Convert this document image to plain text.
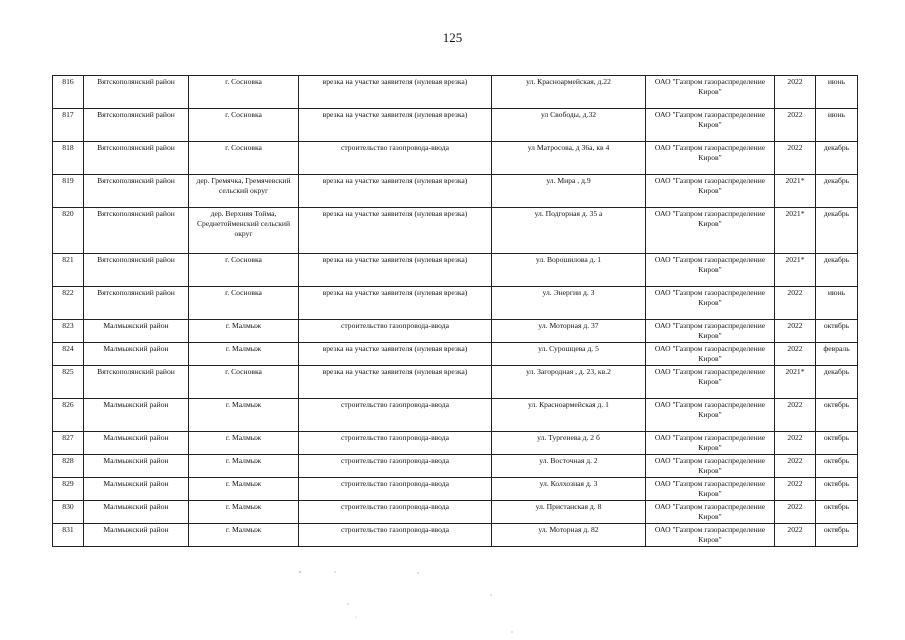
125
816	Вятскополянский район	г. Сосновка	врезка на участке заявителя (нулевая врезка)	ул. Красноармейская, д.22	ОАО "Газпром газораспределение Киров"	2022	июнь
817	Вятскополянский район	г. Сосновка	врезка на участке заявителя (нулевая врезка)	ул Свободы, д.32	ОАО "Газпром газораспределение Киров"	2022	июнь
818	Вятскополянский район	г. Сосновка	строительство газопровода-ввода	ул Матросова, д 36а, кв 4	ОАО "Газпром газораспределение Киров"	2022	декабрь
819	Вятскополянский район	дер. Гремячка, Гремячевский сельский округ	врезка на участке заявителя (нулевая врезка)	ул. Мира , д.9	ОАО "Газпром газораспределение Киров"	2021*	декабрь
820	Вятскополянский район	дер. Верхняя Тойма, Среднетойменский сельский округ	врезка на участке заявителя (нулевая врезка)	ул. Подгорная д. 35 а	ОАО "Газпром газораспределение Киров"	2021*	декабрь
821	Вятскополянский район	г. Сосновка	врезка на участке заявителя (нулевая врезка)	ул. Ворошилова д. 1	ОАО "Газпром газораспределение Киров"	2021*	декабрь
822	Вятскополянский район	г. Сосновка	врезка на участке заявителя (нулевая врезка)	ул. Энергии д. 3	ОАО "Газпром газораспределение Киров"	2022	июнь
823	Малмыжский район	г. Малмыж	строительство газопровода-ввода	ул. Моторная д. 37	ОАО "Газпром газораспределение Киров"	2022	октябрь
824	Малмыжский район	г. Малмыж	врезка на участке заявителя (нулевая врезка)	ул. Сурошцева д. 5	ОАО "Газпром газораспределение Киров"	2022	февраль
825	Вятскополянский район	г. Сосновка	врезка на участке заявителя (нулевая врезка)	ул. Загородная , д. 23, кв.2	ОАО "Газпром газораспределение Киров"	2021*	декабрь
826	Малмыжский район	г. Малмыж	строительство газопровода-ввода	ул. Красноармейская д. 1	ОАО "Газпром газораспределение Киров"	2022	октябрь
827	Малмыжский район	г. Малмыж	строительство газопровода-ввода	ул. Тургенева д. 2 б	ОАО "Газпром газораспределение Киров"	2022	октябрь
828	Малмыжский район	г. Малмыж	строительство газопровода-ввода	ул. Восточная д. 2	ОАО "Газпром газораспределение Киров"	2022	октябрь
829	Малмыжский район	г. Малмыж	строительство газопровода-ввода	ул. Колхозная д. 3	ОАО "Газпром газораспределение Киров"	2022	октябрь
830	Малмыжский район	г. Малмыж	строительство газопровода-ввода	ул. Пристанская д. 8	ОАО "Газпром газораспределение Киров"	2022	октябрь
831	Малмыжский район	г. Малмыж	строительство газопровода-ввода	ул. Моторная д. 82	ОАО "Газпром газораспределение Киров"	2022	октябрь
